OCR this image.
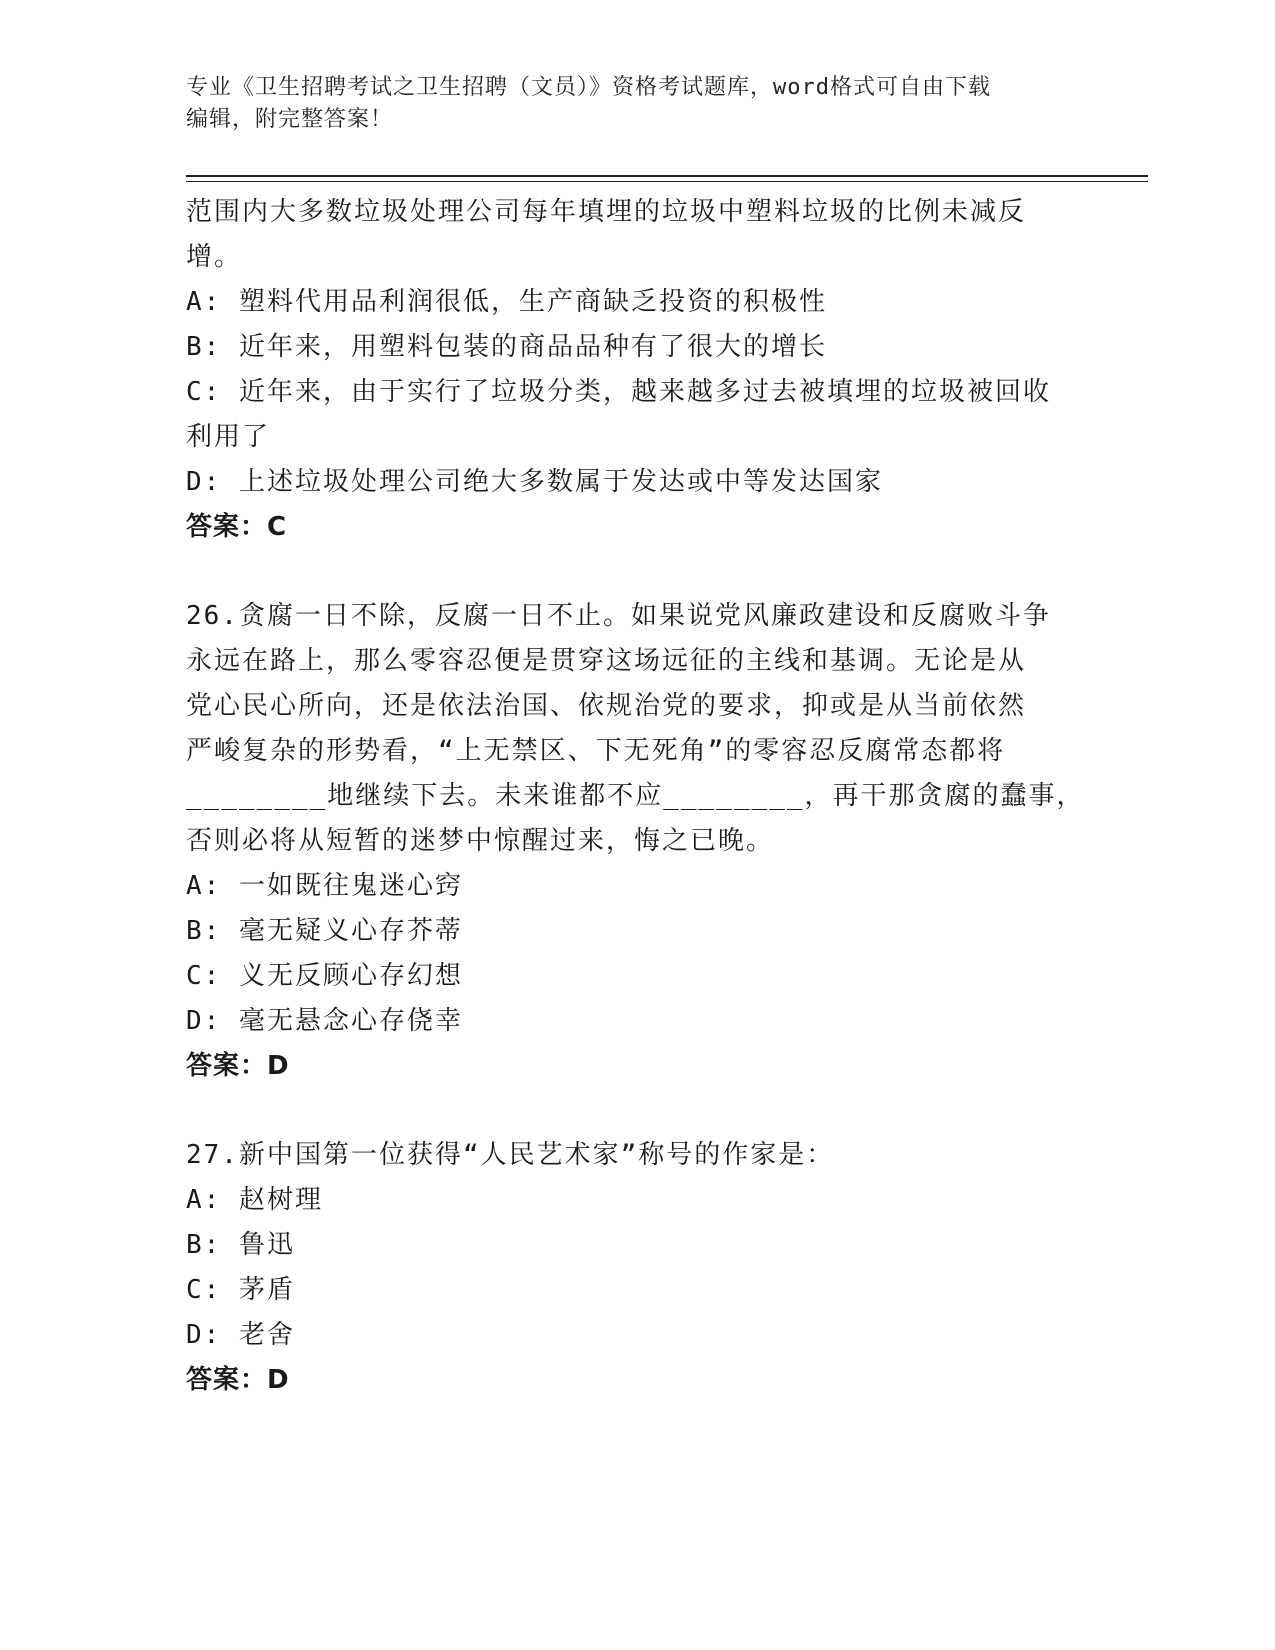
专业《卫生招聘考试之卫生招聘（文员）》资格考试题库，word格式可自由下载
编辑，附完整答案！
范围内大多数垃圾处理公司每年填埋的垃圾中塑料垃圾的比例未减反
增。
A: 塑料代用品利润很低，生产商缺乏投资的积极性
B: 近年来，用塑料包装的商品品种有了很大的增长
C: 近年来，由于实行了垃圾分类，越来越多过去被填埋的垃圾被回收
利用了
D: 上述垃圾处理公司绝大多数属于发达或中等发达国家
答案：C
26.贪腐一日不除，反腐一日不止。如果说党风廉政建设和反腐败斗争
永远在路上，那么零容忍便是贯穿这场远征的主线和基调。无论是从
党心民心所向，还是依法治国、依规治党的要求，抑或是从当前依然
严峻复杂的形势看，“上无禁区、下无死角”的零容忍反腐常态都将
________地继续下去。未来谁都不应________，再干那贪腐的蠢事，
否则必将从短暂的迷梦中惊醒过来，悔之已晚。
A: 一如既往鬼迷心窍
B: 毫无疑义心存芥蒂
C: 义无反顾心存幻想
D: 毫无悬念心存侥幸
答案：D
27.新中国第一位获得“人民艺术家”称号的作家是：
A: 赵树理
B: 鲁迅
C: 茅盾
D: 老舍
答案：D
